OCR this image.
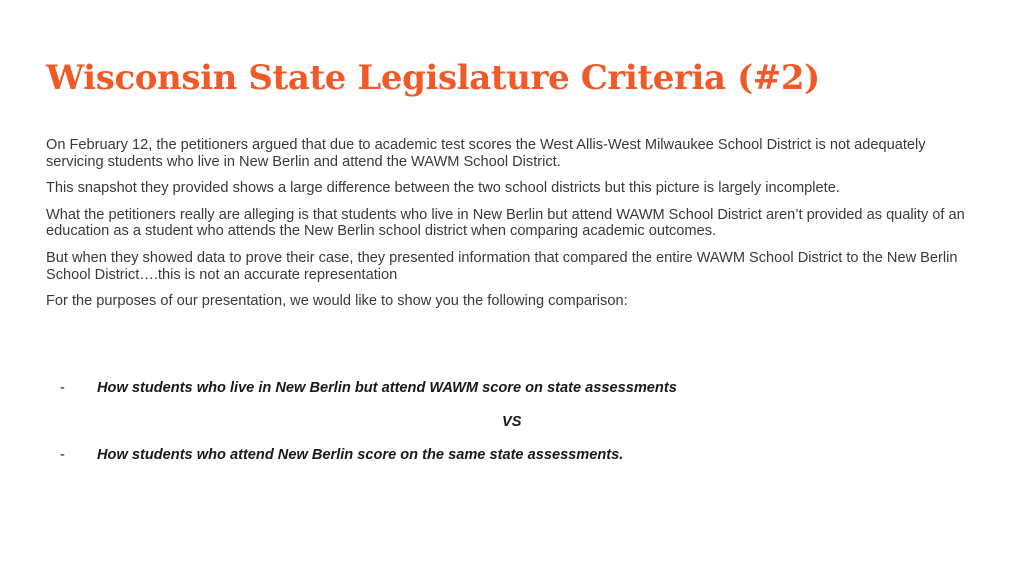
Wisconsin State Legislature Criteria (#2)

On February 12, the petitioners argued that due to academic test scores the West Allis-West Milwaukee School District is not adequately servicing students who live in New Berlin and attend the WAWM School District.

This snapshot they provided shows a large difference between the two school districts but this picture is largely incomplete.

What the petitioners really are alleging is that students who live in New Berlin but attend WAWM School District aren’t provided as quality of an education as a student who attends the New Berlin school district when comparing academic outcomes.

But when they showed data to prove their case, they presented information that compared the entire WAWM School District to the New Berlin School District….this is not an accurate representation

For the purposes of our presentation, we would like to show you the following comparison:

- How students who live in New Berlin but attend WAWM score on state assessments
VS
- How students who attend New Berlin score on the same state assessments.
